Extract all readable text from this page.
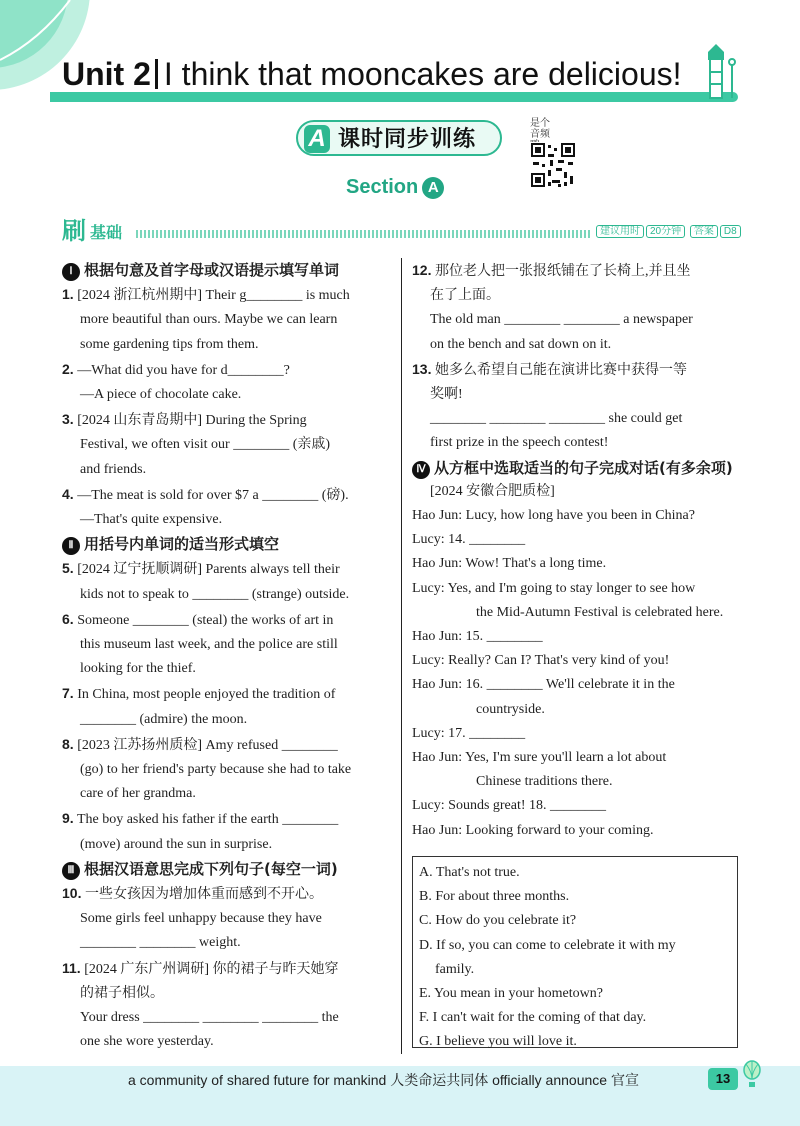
Unit 2 I think that mooncakes are delicious!
A 课时同步训练
Section A
是个音频
刷 基础	建议用时 20分钟 答案 D8
Ⅰ 根据句意及首字母或汉语提示填写单词
1. [2024 浙江杭州期中] Their g________ is much
more beautiful than ours. Maybe we can learn
some gardening tips from them.
2. —What did you have for d________?
—A piece of chocolate cake.
3. [2024 山东青岛期中] During the Spring
Festival, we often visit our ________ (亲戚)
and friends.
4. —The meat is sold for over $7 a ________ (磅).
—That's quite expensive.
Ⅱ 用括号内单词的适当形式填空
5. [2024 辽宁抚顺调研] Parents always tell their
kids not to speak to ________ (strange) outside.
6. Someone ________ (steal) the works of art in
this museum last week, and the police are still
looking for the thief.
7. In China, most people enjoyed the tradition of
________ (admire) the moon.
8. [2023 江苏扬州质检] Amy refused ________
(go) to her friend's party because she had to take
care of her grandma.
9. The boy asked his father if the earth ________
(move) around the sun in surprise.
Ⅲ 根据汉语意思完成下列句子(每空一词)
10. 一些女孩因为增加体重而感到不开心。
Some girls feel unhappy because they have
________ ________ weight.
11. [2024 广东广州调研] 你的裙子与昨天她穿
的裙子相似。
Your dress ________ ________ ________ the
one she wore yesterday.
12. 那位老人把一张报纸铺在了长椅上,并且坐
在了上面。
The old man ________ ________ a newspaper
on the bench and sat down on it.
13. 她多么希望自己能在演讲比赛中获得一等
奖啊!
________ ________ ________ she could get
first prize in the speech contest!
Ⅳ 从方框中选取适当的句子完成对话(有多余项)
[2024 安徽合肥质检]
Hao Jun: Lucy, how long have you been in China?
Lucy: 14. ________
Hao Jun: Wow! That's a long time.
Lucy: Yes, and I'm going to stay longer to see how
the Mid-Autumn Festival is celebrated here.
Hao Jun: 15. ________
Lucy: Really? Can I? That's very kind of you!
Hao Jun: 16. ________ We'll celebrate it in the
countryside.
Lucy: 17. ________
Hao Jun: Yes, I'm sure you'll learn a lot about
Chinese traditions there.
Lucy: Sounds great! 18. ________
Hao Jun: Looking forward to your coming.
A. That's not true.
B. For about three months.
C. How do you celebrate it?
D. If so, you can come to celebrate it with my
family.
E. You mean in your hometown?
F. I can't wait for the coming of that day.
G. I believe you will love it.
a community of shared future for mankind 人类命运共同体 officially announce 官宣	13
